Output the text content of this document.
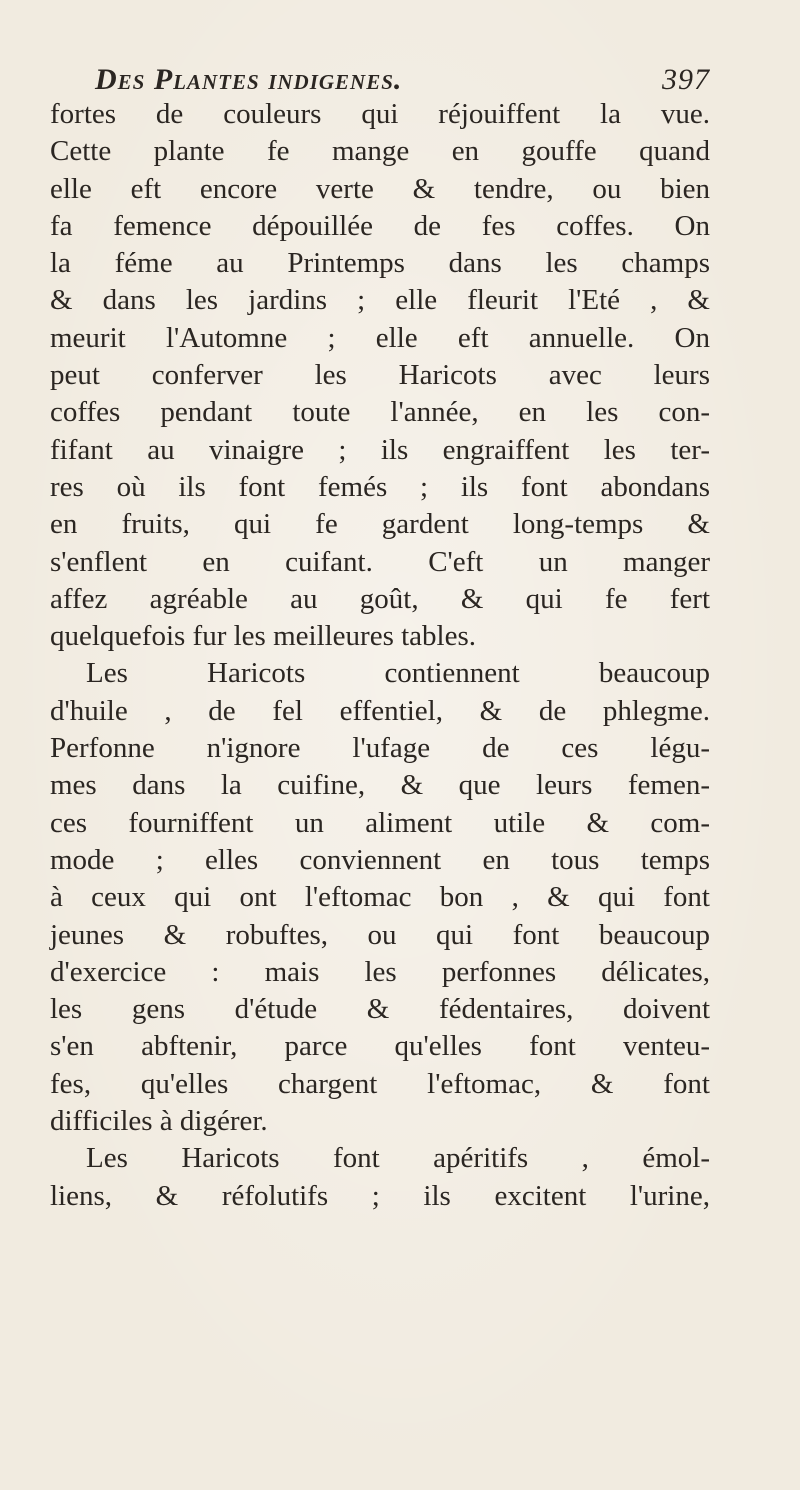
Des Plantes indigenes.	397
fortes de couleurs qui réjouiffent la vue.
Cette plante fe mange en gouffe quand
elle eft encore verte & tendre, ou bien
fa femence dépouillée de fes coffes. On
la féme au Printemps dans les champs
& dans les jardins ; elle fleurit l'Eté , &
meurit l'Automne ; elle eft annuelle. On
peut conferver les Haricots avec leurs
coffes pendant toute l'année, en les con-
fifant au vinaigre ; ils engraiffent les ter-
res où ils font femés ; ils font abondans
en fruits, qui fe gardent long-temps &
s'enflent en cuifant. C'eft un manger
affez agréable au goût, & qui fe fert
quelquefois fur les meilleures tables.
Les Haricots contiennent beaucoup
d'huile , de fel effentiel, & de phlegme.
Perfonne n'ignore l'ufage de ces légu-
mes dans la cuifine, & que leurs femen-
ces fourniffent un aliment utile & com-
mode ; elles conviennent en tous temps
à ceux qui ont l'eftomac bon , & qui font
jeunes & robuftes, ou qui font beaucoup
d'exercice : mais les perfonnes délicates,
les gens d'étude & fédentaires, doivent
s'en abftenir, parce qu'elles font venteu-
fes, qu'elles chargent l'eftomac, & font
difficiles à digérer.
Les Haricots font apéritifs , émol-
liens, & réfolutifs ; ils excitent l'urine,
